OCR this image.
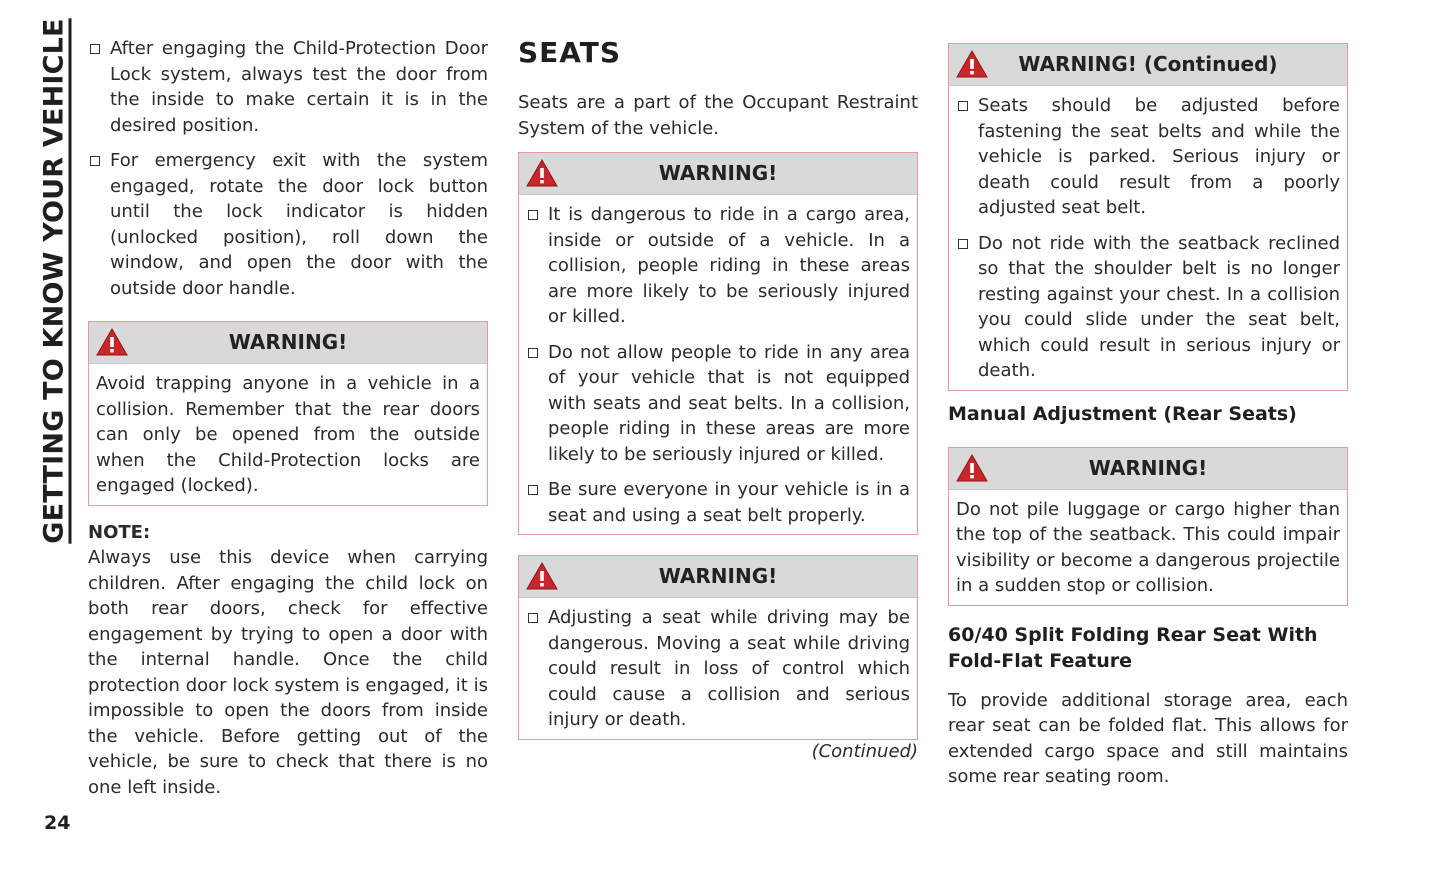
GETTING TO KNOW YOUR VEHICLE
24

After engaging the Child-Protection Door Lock system, always test the door from the inside to make certain it is in the desired position.

For emergency exit with the system engaged, rotate the door lock button until the lock indicator is hidden (unlocked position), roll down the window, and open the door with the outside door handle.

WARNING!

Avoid trapping anyone in a vehicle in a collision. Remember that the rear doors can only be opened from the outside when the Child-Protection locks are engaged (locked).

NOTE:

Always use this device when carrying children. After engaging the child lock on both rear doors, check for effective engagement by trying to open a door with the internal handle. Once the child protection door lock system is engaged, it is impossible to open the doors from inside the vehicle. Before getting out of the vehicle, be sure to check that there is no one left inside.

SEATS

Seats are a part of the Occupant Restraint System of the vehicle.

WARNING!

It is dangerous to ride in a cargo area, inside or outside of a vehicle. In a collision, people riding in these areas are more likely to be seriously injured or killed.

Do not allow people to ride in any area of your vehicle that is not equipped with seats and seat belts. In a collision, people riding in these areas are more likely to be seriously injured or killed.

Be sure everyone in your vehicle is in a seat and using a seat belt properly.

WARNING!

Adjusting a seat while driving may be dangerous. Moving a seat while driving could result in loss of control which could cause a collision and serious injury or death.

(Continued)

WARNING! (Continued)

Seats should be adjusted before fastening the seat belts and while the vehicle is parked. Serious injury or death could result from a poorly adjusted seat belt.

Do not ride with the seatback reclined so that the shoulder belt is no longer resting against your chest. In a collision you could slide under the seat belt, which could result in serious injury or death.

Manual Adjustment (Rear Seats)
WARNING!

Do not pile luggage or cargo higher than the top of the seatback. This could impair visibility or become a dangerous projectile in a sudden stop or collision.

60/40 Split Folding Rear Seat With Fold-Flat Feature

To provide additional storage area, each rear seat can be folded flat. This allows for extended cargo space and still maintains some rear seating room.
